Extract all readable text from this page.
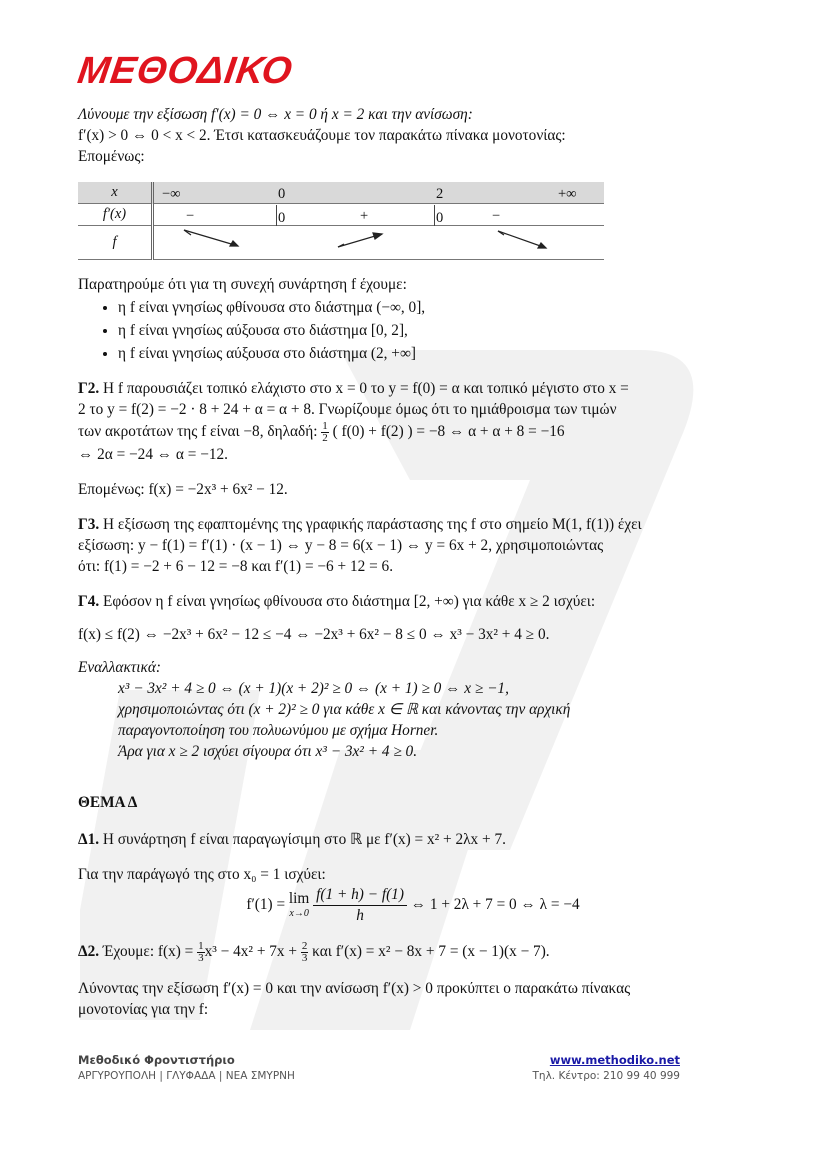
ΜΕΘΟΔΙΚΟ

Λύνουμε την εξίσωση f′(x) = 0 ⇔ x = 0 ή x = 2 και την ανίσωση:

f′(x) > 0 ⇔ 0 < x < 2. Έτσι κατασκευάζουμε τον παρακάτω πίνακα μονοτονίας:

Επομένως:

x	−∞ 0 2 +∞

f′(x)	− 0 + 0 −

f	

Παρατηρούμε ότι για τη συνεχή συνάρτηση f έχουμε:

• η f είναι γνησίως φθίνουσα στο διάστημα (−∞, 0],
• η f είναι γνησίως αύξουσα στο διάστημα [0, 2],
• η f είναι γνησίως αύξουσα στο διάστημα (2, +∞]

Γ2. Η f παρουσιάζει τοπικό ελάχιστο στο x = 0 το y = f(0) = α και τοπικό μέγιστο στο x =

2 το y = f(2) = −2 · 8 + 24 + α = α + 8. Γνωρίζουμε όμως ότι το ημιάθροισμα των τιμών

των ακροτάτων της f είναι −8, δηλαδή: $\frac{1}{2}$ ( f(0) + f(2) ) = −8 ⇔ α + α + 8 = −16

⇔ 2α = −24 ⇔ α = −12.

Επομένως: f(x) = −2x³ + 6x² − 12.

Γ3. Η εξίσωση της εφαπτομένης της γραφικής παράστασης της f στο σημείο M(1, f(1)) έχει

εξίσωση: y − f(1) = f′(1) · (x − 1) ⇔ y − 8 = 6(x − 1) ⇔ y = 6x + 2, χρησιμοποιώντας

ότι: f(1) = −2 + 6 − 12 = −8 και f′(1) = −6 + 12 = 6.

Γ4. Εφόσον η f είναι γνησίως φθίνουσα στο διάστημα [2, +∞) για κάθε x ≥ 2 ισχύει:

f(x) ≤ f(2) ⇔ −2x³ + 6x² − 12 ≤ −4 ⇔ −2x³ + 6x² − 8 ≤ 0 ⇔ x³ − 3x² + 4 ≥ 0.

Εναλλακτικά:

x³ − 3x² + 4 ≥ 0 ⇔ (x + 1)(x + 2)² ≥ 0 ⇔ (x + 1) ≥ 0 ⇔ x ≥ −1,

χρησιμοποιώντας ότι (x + 2)² ≥ 0 για κάθε x ∈ ℝ και κάνοντας την αρχική

παραγοντοποίηση του πολυωνύμου με σχήμα Horner.

Άρα για x ≥ 2 ισχύει σίγουρα ότι x³ − 3x² + 4 ≥ 0.

ΘΕΜΑ Δ

Δ1. Η συνάρτηση f είναι παραγωγίσιμη στο ℝ με f′(x) = x² + 2λx + 7.

Για την παράγωγό της στο x₀ = 1 ισχύει:

f′(1) = lim
x→0
$\frac{f(1 + h) - f(1)}{h}$ ⇔ 1 + 2λ + 7 = 0 ⇔ λ = −4

Δ2. Έχουμε: $f(x) = \frac{1}{3} x^3 - 4x^2 + 7x + \frac{2}{3}$ και f′(x) = x² − 8x + 7 = (x − 1)(x − 7).

Λύνοντας την εξίσωση f′(x) = 0 και την ανίσωση f′(x) > 0 προκύπτει ο παρακάτω πίνακας

μονοτονίας για την f:

Μεθοδικό Φροντιστήριο
ΑΡΓΥΡΟΥΠΟΛΗ | ΓΛΥΦΑΔΑ | ΝΕΑ ΣΜΥΡΝΗ
www.methodiko.net
Τηλ. Κέντρο: 210 99 40 999
